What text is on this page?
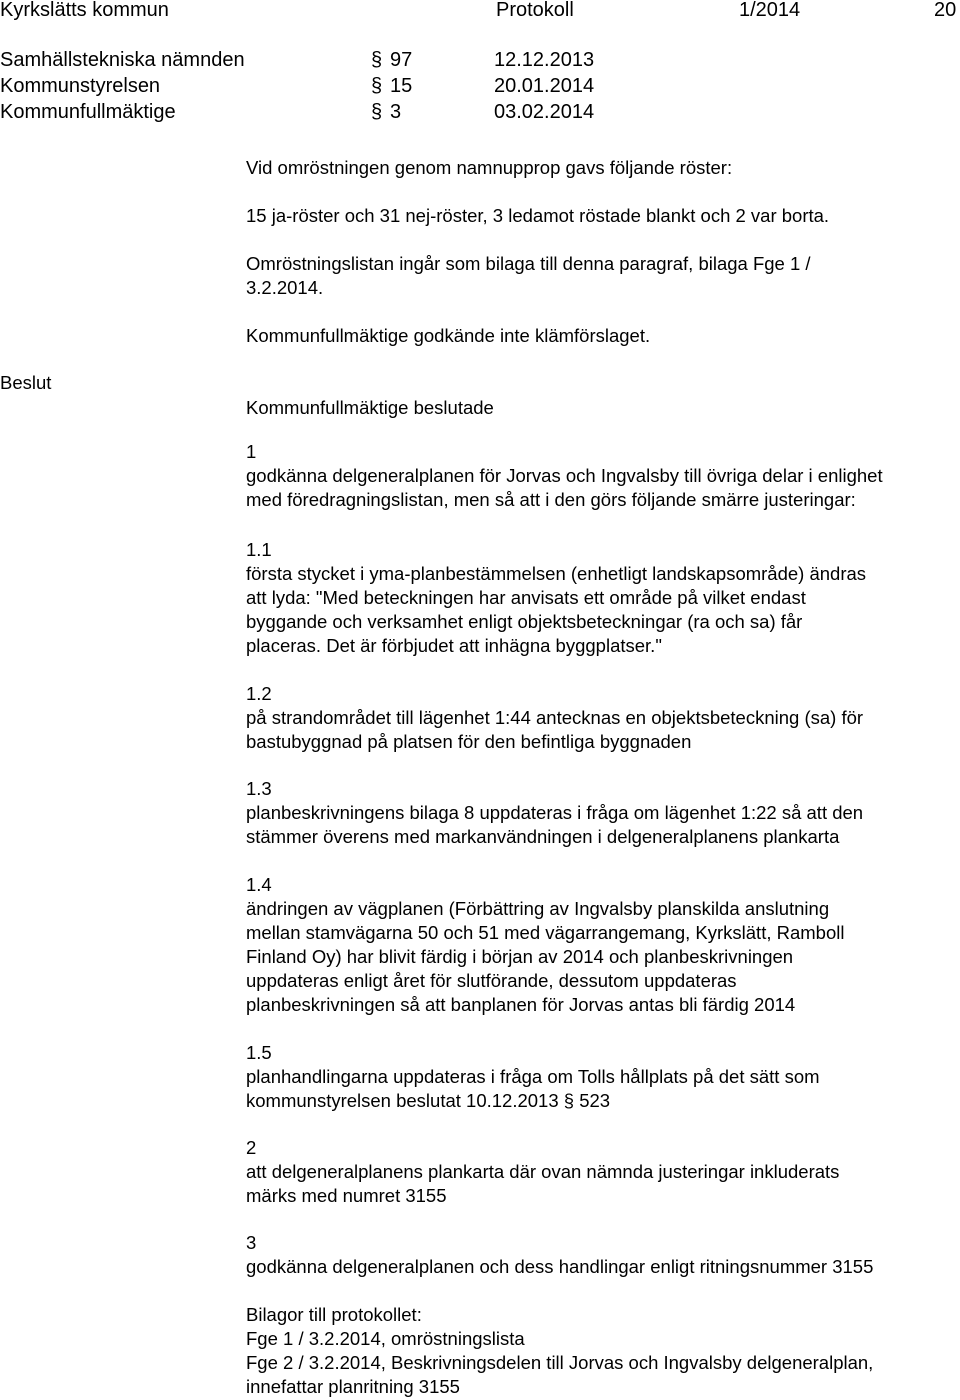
Kyrkslätts kommun	Protokoll	1/2014	20
Samhällstekniska nämnden	§ 97	12.12.2013
Kommunstyrelsen	§ 15	20.01.2014
Kommunfullmäktige	§ 3	03.02.2014
Beslut
Vid omröstningen genom namnupprop gavs följande röster:
15 ja-röster och 31 nej-röster, 3 ledamot röstade blankt och 2 var borta.
Omröstningslistan ingår som bilaga till denna paragraf, bilaga Fge 1 /
3.2.2014.
Kommunfullmäktige godkände inte klämförslaget.
Kommunfullmäktige beslutade
1
godkänna delgeneralplanen för Jorvas och Ingvalsby till övriga delar i enlighet
med föredragningslistan, men så att i den görs följande smärre justeringar:
1.1
första stycket i yma-planbestämmelsen (enhetligt landskapsområde) ändras
att lyda: "Med beteckningen har anvisats ett område på vilket endast
byggande och verksamhet enligt objektsbeteckningar (ra och sa) får
placeras. Det är förbjudet att inhägna byggplatser."
1.2
på strandområdet till lägenhet 1:44 antecknas en objektsbeteckning (sa) för
bastubyggnad på platsen för den befintliga byggnaden
1.3
planbeskrivningens bilaga 8 uppdateras i fråga om lägenhet 1:22 så att den
stämmer överens med markanvändningen i delgeneralplanens plankarta
1.4
ändringen av vägplanen (Förbättring av Ingvalsby planskilda anslutning
mellan stamvägarna 50 och 51 med vägarrangemang, Kyrkslätt, Ramboll
Finland Oy) har blivit färdig i början av 2014 och planbeskrivningen
uppdateras enligt året för slutförande, dessutom uppdateras
planbeskrivningen så att banplanen för Jorvas antas bli färdig 2014
1.5
planhandlingarna uppdateras i fråga om Tolls hållplats på det sätt som
kommunstyrelsen beslutat 10.12.2013 § 523
2
att delgeneralplanens plankarta där ovan nämnda justeringar inkluderats
märks med numret 3155
3
godkänna delgeneralplanen och dess handlingar enligt ritningsnummer 3155
Bilagor till protokollet:
Fge 1 / 3.2.2014, omröstningslista
Fge 2 / 3.2.2014, Beskrivningsdelen till Jorvas och Ingvalsby delgeneralplan,
innefattar planritning 3155
